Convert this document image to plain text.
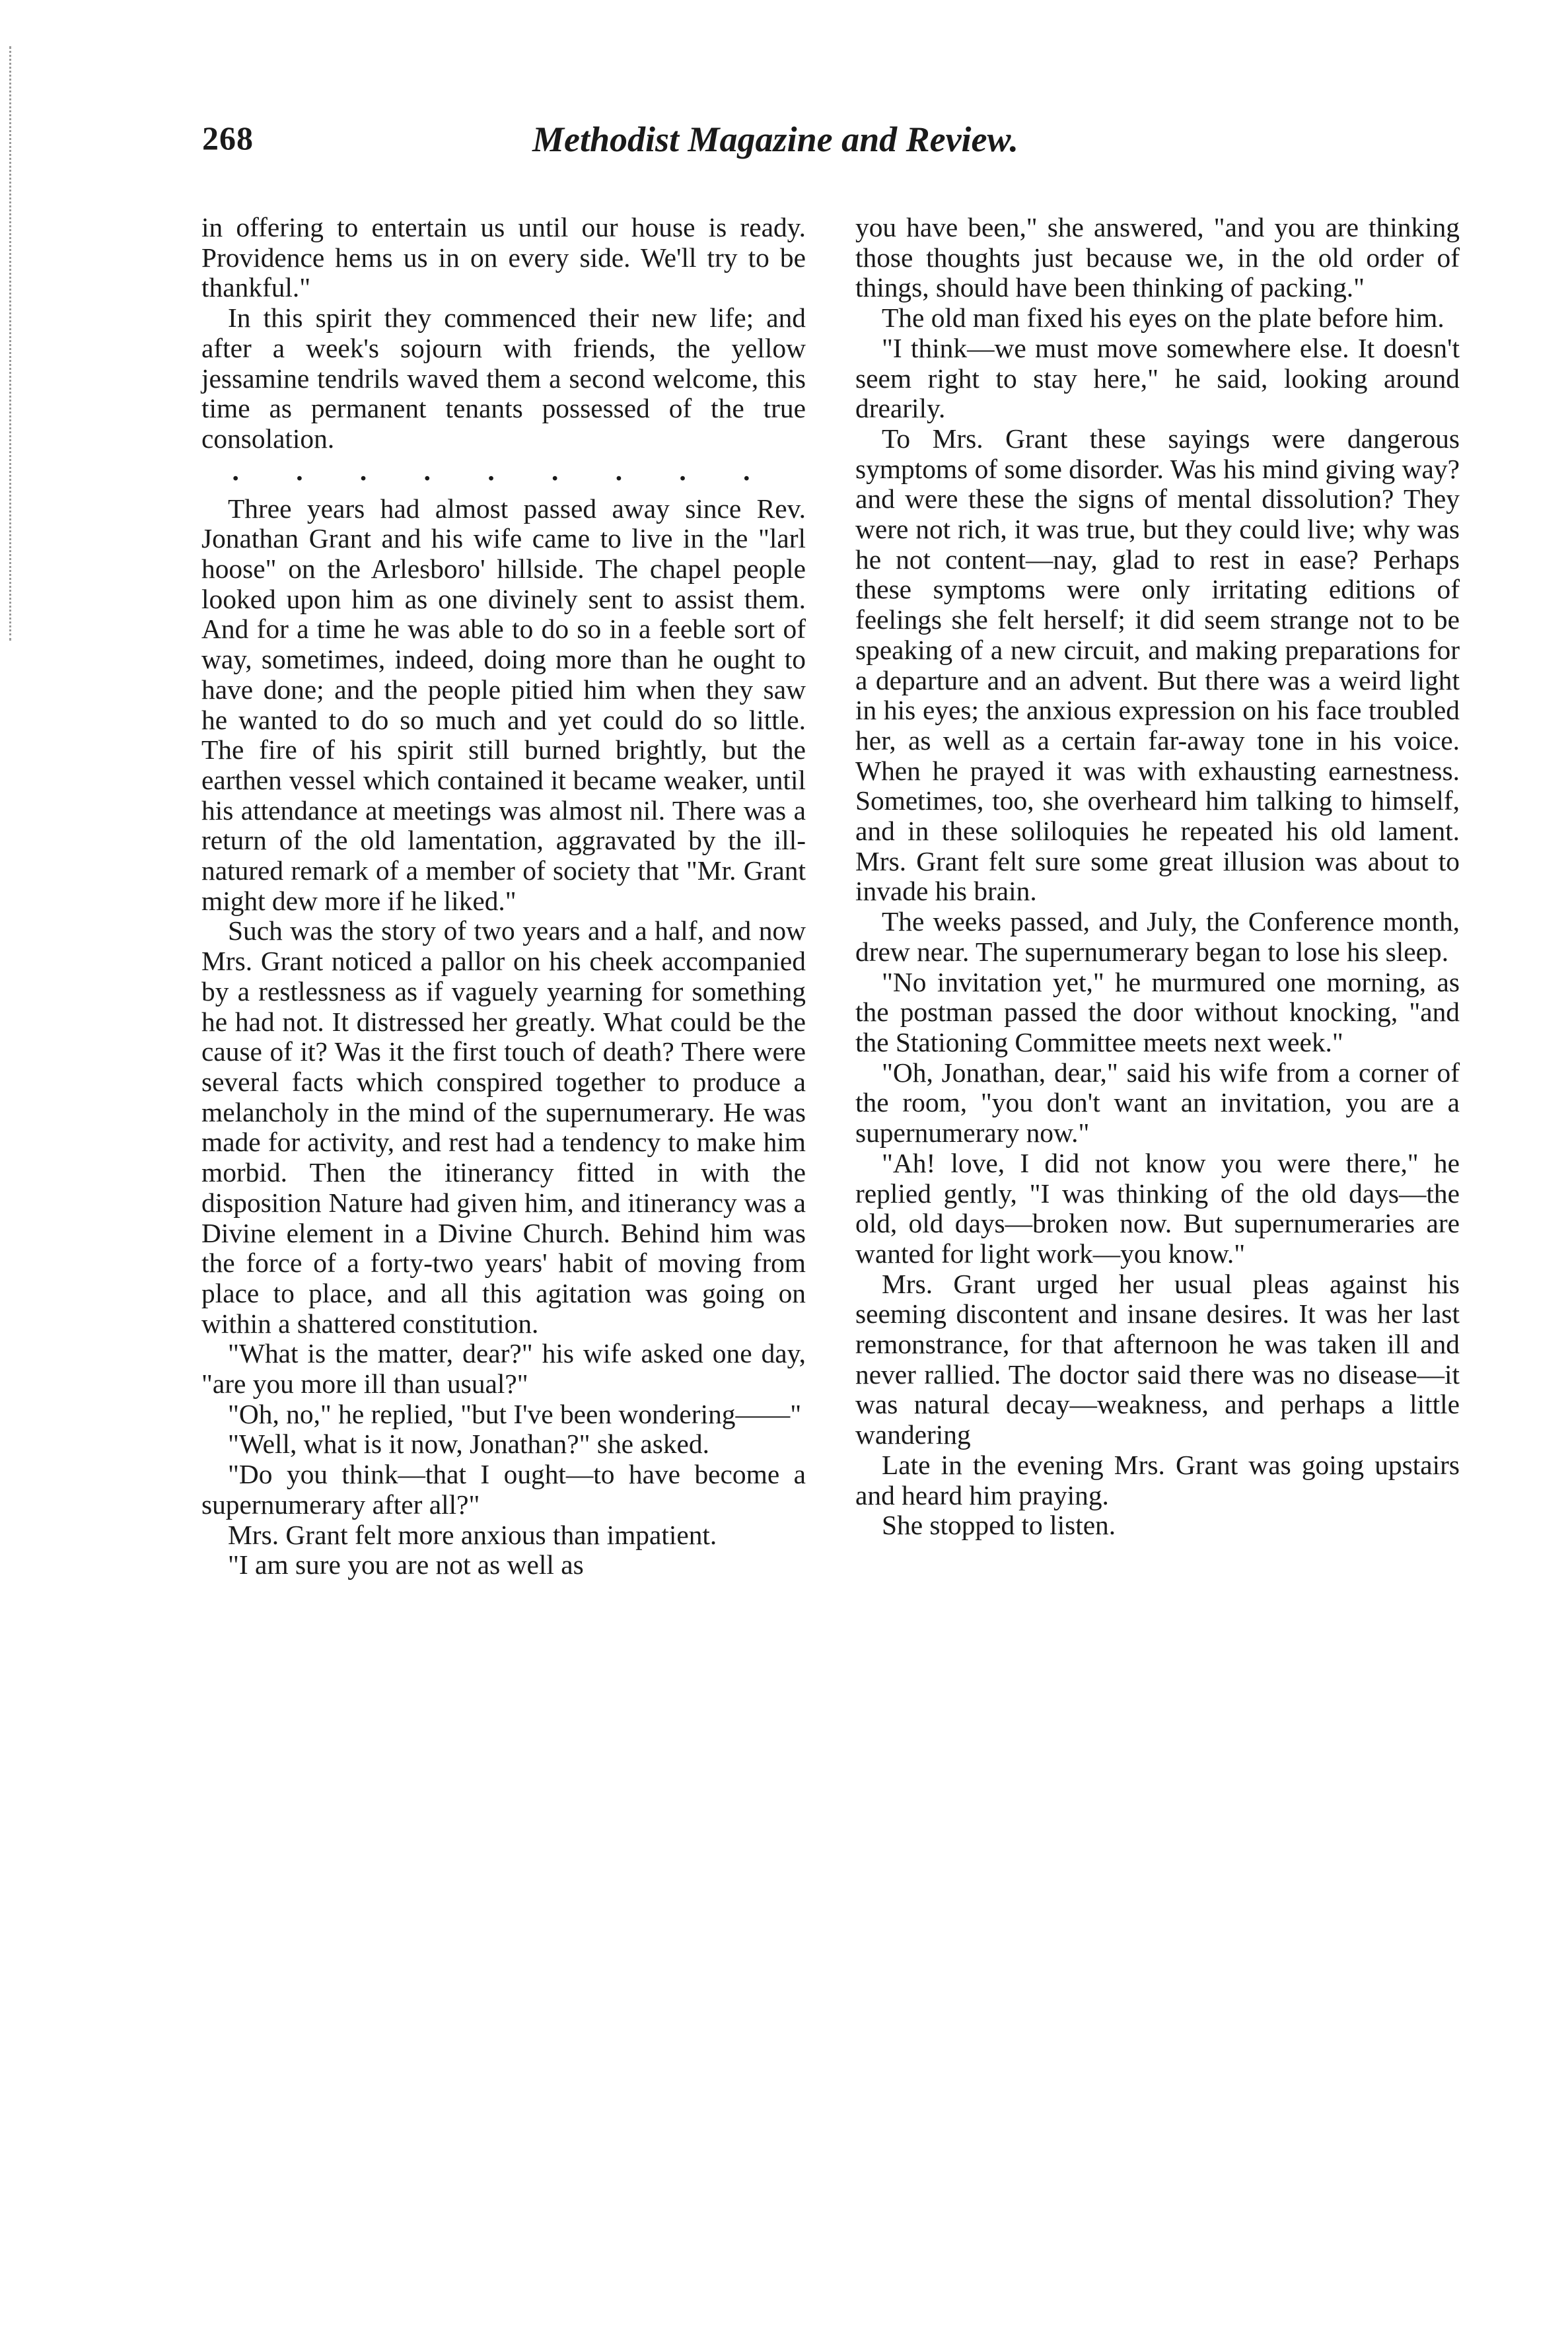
268	Methodist Magazine and Review.

in offering to entertain us until our house is ready. Providence hems us in on every side. We'll try to be thankful."

In this spirit they commenced their new life; and after a week's sojourn with friends, the yellow jessamine tendrils waved them a second welcome, this time as permanent tenants possessed of the true consolation.

. . . . . . . . .

Three years had almost passed away since Rev. Jonathan Grant and his wife came to live in the "larl hoose" on the Arlesboro' hillside. The chapel people looked upon him as one divinely sent to assist them. And for a time he was able to do so in a feeble sort of way, sometimes, indeed, doing more than he ought to have done; and the people pitied him when they saw he wanted to do so much and yet could do so little. The fire of his spirit still burned brightly, but the earthen vessel which contained it became weaker, until his attendance at meetings was almost nil. There was a return of the old lamentation, aggravated by the ill-natured remark of a member of society that "Mr. Grant might dew more if he liked."

Such was the story of two years and a half, and now Mrs. Grant noticed a pallor on his cheek accompanied by a restlessness as if vaguely yearning for something he had not. It distressed her greatly. What could be the cause of it? Was it the first touch of death? There were several facts which conspired together to produce a melancholy in the mind of the supernumerary. He was made for activity, and rest had a tendency to make him morbid. Then the itinerancy fitted in with the disposition Nature had given him, and itinerancy was a Divine element in a Divine Church. Behind him was the force of a forty-two years' habit of moving from place to place, and all this agitation was going on within a shattered constitution.

"What is the matter, dear?" his wife asked one day, "are you more ill than usual?"

"Oh, no," he replied, "but I've been wondering——"

"Well, what is it now, Jonathan?" she asked.

"Do you think—that I ought—to have become a supernumerary after all?"

Mrs. Grant felt more anxious than impatient.

"I am sure you are not as well as

you have been," she answered, "and you are thinking those thoughts just because we, in the old order of things, should have been thinking of packing."

The old man fixed his eyes on the plate before him.

"I think—we must move somewhere else. It doesn't seem right to stay here," he said, looking around drearily.

To Mrs. Grant these sayings were dangerous symptoms of some disorder. Was his mind giving way? and were these the signs of mental dissolution? They were not rich, it was true, but they could live; why was he not content—nay, glad to rest in ease? Perhaps these symptoms were only irritating editions of feelings she felt herself; it did seem strange not to be speaking of a new circuit, and making preparations for a departure and an advent. But there was a weird light in his eyes; the anxious expression on his face troubled her, as well as a certain far-away tone in his voice. When he prayed it was with exhausting earnestness. Sometimes, too, she overheard him talking to himself, and in these soliloquies he repeated his old lament. Mrs. Grant felt sure some great illusion was about to invade his brain.

The weeks passed, and July, the Conference month, drew near. The supernumerary began to lose his sleep.

"No invitation yet," he murmured one morning, as the postman passed the door without knocking, "and the Stationing Committee meets next week."

"Oh, Jonathan, dear," said his wife from a corner of the room, "you don't want an invitation, you are a supernumerary now."

"Ah! love, I did not know you were there," he replied gently, "I was thinking of the old days—the old, old days—broken now. But supernumeraries are wanted for light work—you know."

Mrs. Grant urged her usual pleas against his seeming discontent and insane desires. It was her last remonstrance, for that afternoon he was taken ill and never rallied. The doctor said there was no disease—it was natural decay—weakness, and perhaps a little wandering

Late in the evening Mrs. Grant was going upstairs and heard him praying.

She stopped to listen.
